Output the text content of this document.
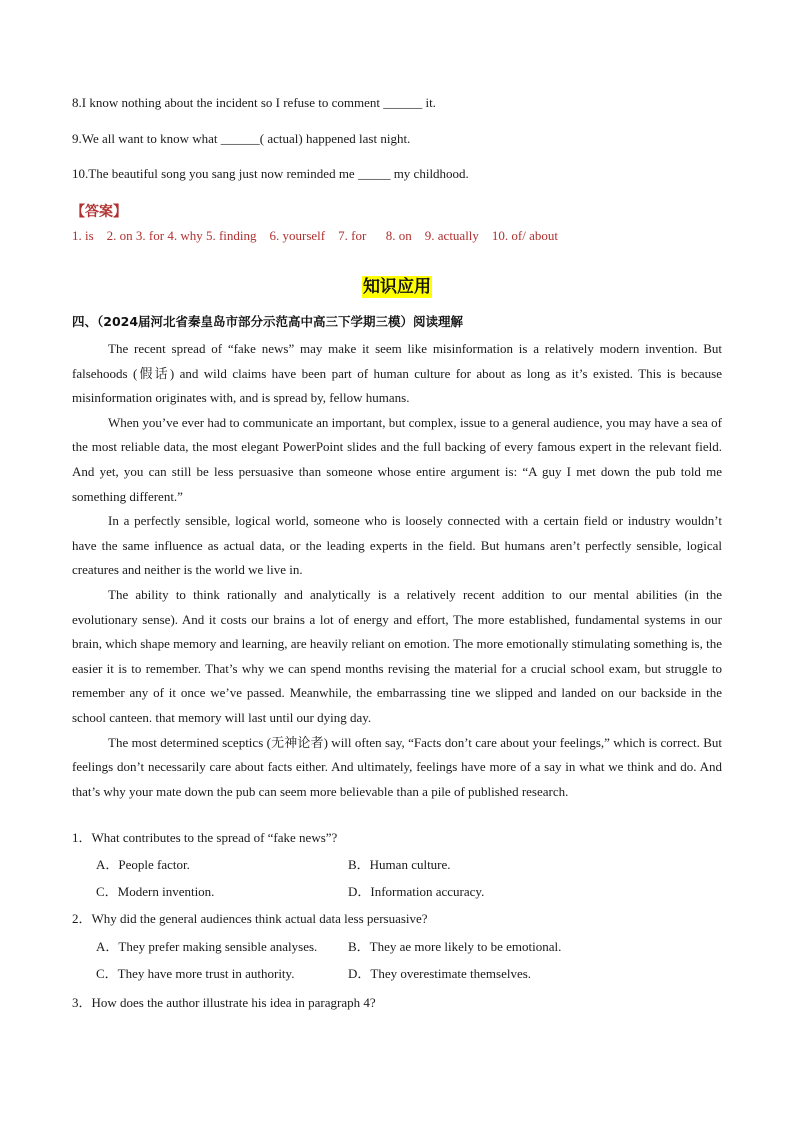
8.I know nothing about the incident so I refuse to comment ______ it.
9.We all want to know what ______( actual) happened last night.
10.The beautiful song you sang just now reminded me _____ my childhood.
【答案】
1. is    2. on 3. for 4. why 5. finding    6. yourself    7. for      8. on    9. actually    10. of/ about
知识应用
四、（2024届河北省秦皇岛市部分示范高中高三下学期三模）阅读理解

The recent spread of “fake news” may make it seem like misinformation is a relatively modern invention. But falsehoods (假话) and wild claims have been part of human culture for about as long as it’s existed. This is because misinformation originates with, and is spread by, fellow humans.

When you’ve ever had to communicate an important, but complex, issue to a general audience, you may have a sea of the most reliable data, the most elegant PowerPoint slides and the full backing of every famous expert in the relevant field. And yet, you can still be less persuasive than someone whose entire argument is: “A guy I met down the pub told me something different.”

In a perfectly sensible, logical world, someone who is loosely connected with a certain field or industry wouldn’t have the same influence as actual data, or the leading experts in the field. But humans aren’t perfectly sensible, logical creatures and neither is the world we live in.

The ability to think rationally and analytically is a relatively recent addition to our mental abilities (in the evolutionary sense). And it costs our brains a lot of energy and effort, The more established, fundamental systems in our brain, which shape memory and learning, are heavily reliant on emotion. The more emotionally stimulating something is, the easier it is to remember. That’s why we can spend months revising the material for a crucial school exam, but struggle to remember any of it once we’ve passed. Meanwhile, the embarrassing tine we slipped and landed on our backside in the school canteen. that memory will last until our dying day.

The most determined sceptics (无神论者) will often say, “Facts don’t care about your feelings,” which is correct. But feelings don’t necessarily care about facts either. And ultimately, feelings have more of a say in what we think and do. And that’s why your mate down the pub can seem more believable than a pile of published research.

1．What contributes to the spread of “fake news”?
A．People factor.	B．Human culture.
C．Modern invention.	D．Information accuracy.
2．Why did the general audiences think actual data less persuasive?
A．They prefer making sensible analyses. B．They ae more likely to be emotional.
C．They have more trust in authority.	D．They overestimate themselves.
3．How does the author illustrate his idea in paragraph 4?
